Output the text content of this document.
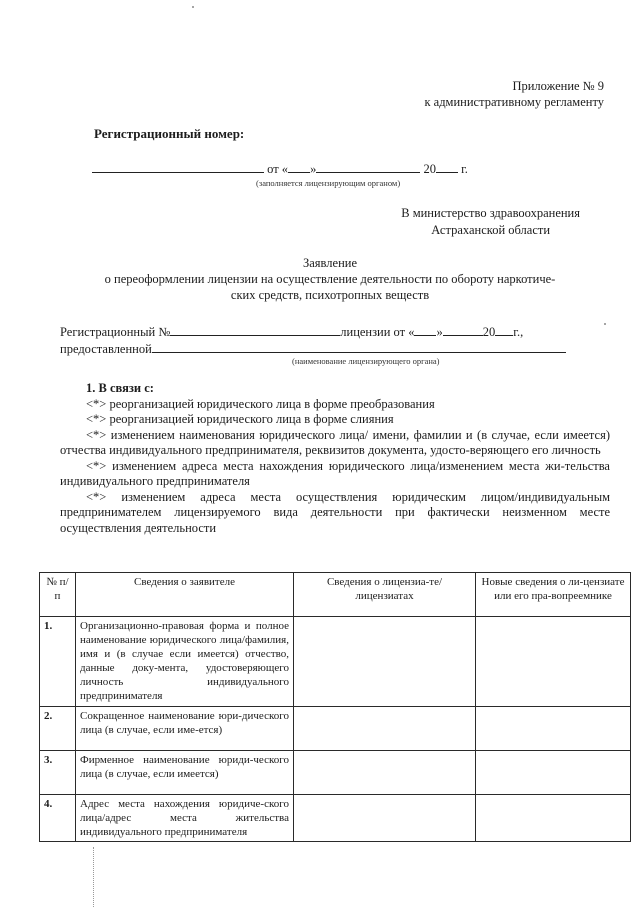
Приложение № 9
к административному регламенту
Регистрационный номер:
от « »	20 г.
(заполняется лицензирующим органом)
В министерство здравоохранения
Астраханской области
Заявление
о переоформлении лицензии на осуществление деятельности по обороту наркотиче-
ских средств, психотропных веществ
Регистрационный №	лицензии от « »	20 г.,
предоставленной
(наименование лицензирующего органа)
1. В связи с:
<*> реорганизацией юридического лица в форме преобразования
<*> реорганизацией юридического лица в форме слияния
<*> изменением наименования юридического лица/ имени, фамилии и (в случае, если имеется) отчества индивидуального предпринимателя, реквизитов документа, удосто-веряющего его личность
<*> изменением адреса места нахождения юридического лица/изменением места жи-тельства индивидуального предпринимателя
<*> изменением адреса места осуществления юридическим лицом/индивидуальным предпринимателем лицензируемого вида деятельности при фактически неизменном месте осуществления деятельности
№ п/п	Сведения о заявителе	Сведения о лицензиа-те/лицензиатах	Новые сведения о ли-цензиате или его пра-вопреемнике
1.	Организационно-правовая форма и полное наименование юридического лица/фамилия, имя и (в случае если имеется) отчество, данные доку-мента, удостоверяющего личность индивидуального предпринимателя		
2.	Сокращенное наименование юри-дического лица (в случае, если име-ется)		
3.	Фирменное наименование юриди-ческого лица (в случае, если имеется)		
4.	Адрес места нахождения юридиче-ского лица/адрес места жительства индивидуального предпринимателя		
